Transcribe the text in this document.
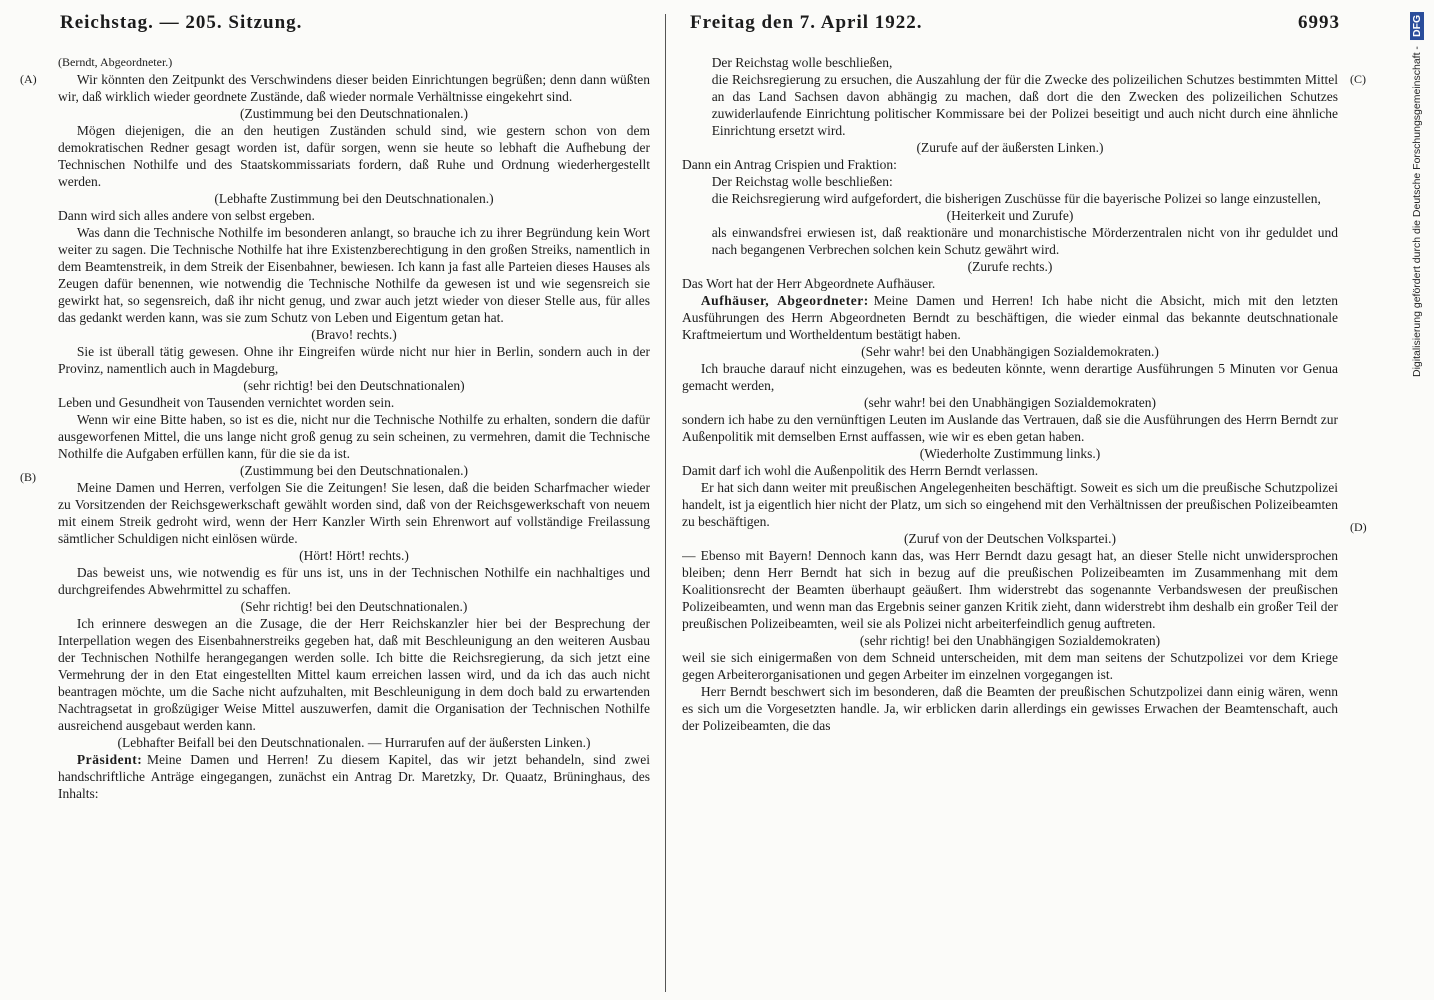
Reichstag. — 205. Sitzung.	Freitag den 7. April 1922.	6993
(A)
(B)
(C)
(D)

(Berndt, Abgeordneter.)

Wir könnten den Zeitpunkt des Verschwindens dieser beiden Einrichtungen begrüßen; denn dann wüßten wir, daß wirklich wieder geordnete Zustände, daß wieder normale Verhältnisse eingekehrt sind.

(Zustimmung bei den Deutschnationalen.)

Mögen diejenigen, die an den heutigen Zuständen schuld sind, wie gestern schon von dem demokratischen Redner gesagt worden ist, dafür sorgen, wenn sie heute so lebhaft die Aufhebung der Technischen Nothilfe und des Staatskommissariats fordern, daß Ruhe und Ordnung wiederhergestellt werden.

(Lebhafte Zustimmung bei den Deutschnationalen.)

Dann wird sich alles andere von selbst ergeben.

Was dann die Technische Nothilfe im besonderen anlangt, so brauche ich zu ihrer Begründung kein Wort weiter zu sagen. Die Technische Nothilfe hat ihre Existenzberechtigung in den großen Streiks, namentlich in dem Beamtenstreik, in dem Streik der Eisenbahner, bewiesen. Ich kann ja fast alle Parteien dieses Hauses als Zeugen dafür benennen, wie notwendig die Technische Nothilfe da gewesen ist und wie segensreich sie gewirkt hat, so segensreich, daß ihr nicht genug, und zwar auch jetzt wieder von dieser Stelle aus, für alles das gedankt werden kann, was sie zum Schutz von Leben und Eigentum getan hat.

(Bravo! rechts.)

Sie ist überall tätig gewesen. Ohne ihr Eingreifen würde nicht nur hier in Berlin, sondern auch in der Provinz, namentlich auch in Magdeburg,

(sehr richtig! bei den Deutschnationalen)

Leben und Gesundheit von Tausenden vernichtet worden sein.

Wenn wir eine Bitte haben, so ist es die, nicht nur die Technische Nothilfe zu erhalten, sondern die dafür ausgeworfenen Mittel, die uns lange nicht groß genug zu sein scheinen, zu vermehren, damit die Technische Nothilfe die Aufgaben erfüllen kann, für die sie da ist.

(Zustimmung bei den Deutschnationalen.)

Meine Damen und Herren, verfolgen Sie die Zeitungen! Sie lesen, daß die beiden Scharfmacher wieder zu Vorsitzenden der Reichsgewerkschaft gewählt worden sind, daß von der Reichsgewerkschaft von neuem mit einem Streik gedroht wird, wenn der Herr Kanzler Wirth sein Ehrenwort auf vollständige Freilassung sämtlicher Schuldigen nicht einlösen würde.

(Hört! Hört! rechts.)

Das beweist uns, wie notwendig es für uns ist, uns in der Technischen Nothilfe ein nachhaltiges und durchgreifendes Abwehrmittel zu schaffen.

(Sehr richtig! bei den Deutschnationalen.)

Ich erinnere deswegen an die Zusage, die der Herr Reichskanzler hier bei der Besprechung der Interpellation wegen des Eisenbahnerstreiks gegeben hat, daß mit Beschleunigung an den weiteren Ausbau der Technischen Nothilfe herangegangen werden solle. Ich bitte die Reichsregierung, da sich jetzt eine Vermehrung der in den Etat eingestellten Mittel kaum erreichen lassen wird, und da ich das auch nicht beantragen möchte, um die Sache nicht aufzuhalten, mit Beschleunigung in dem doch bald zu erwartenden Nachtragsetat in großzügiger Weise Mittel auszuwerfen, damit die Organisation der Technischen Nothilfe ausreichend ausgebaut werden kann.

(Lebhafter Beifall bei den Deutschnationalen. — Hurrarufen auf der äußersten Linken.)

Präsident: Meine Damen und Herren! Zu diesem Kapitel, das wir jetzt behandeln, sind zwei handschriftliche Anträge eingegangen, zunächst ein Antrag Dr. Maretzky, Dr. Quaatz, Brüninghaus, des Inhalts:

Der Reichstag wolle beschließen,

die Reichsregierung zu ersuchen, die Auszahlung der für die Zwecke des polizeilichen Schutzes bestimmten Mittel an das Land Sachsen davon abhängig zu machen, daß dort die den Zwecken des polizeilichen Schutzes zuwiderlaufende Einrichtung politischer Kommissare bei der Polizei beseitigt und auch nicht durch eine ähnliche Einrichtung ersetzt wird.

(Zurufe auf der äußersten Linken.)

Dann ein Antrag Crispien und Fraktion:

Der Reichstag wolle beschließen:

die Reichsregierung wird aufgefordert, die bisherigen Zuschüsse für die bayerische Polizei so lange einzustellen,

(Heiterkeit und Zurufe)

als einwandsfrei erwiesen ist, daß reaktionäre und monarchistische Mörderzentralen nicht von ihr geduldet und nach begangenen Verbrechen solchen kein Schutz gewährt wird.

(Zurufe rechts.)

Das Wort hat der Herr Abgeordnete Aufhäuser.

Aufhäuser, Abgeordneter: Meine Damen und Herren! Ich habe nicht die Absicht, mich mit den letzten Ausführungen des Herrn Abgeordneten Berndt zu beschäftigen, die wieder einmal das bekannte deutschnationale Kraftmeiertum und Wortheldentum bestätigt haben.

(Sehr wahr! bei den Unabhängigen Sozialdemokraten.)

Ich brauche darauf nicht einzugehen, was es bedeuten könnte, wenn derartige Ausführungen 5 Minuten vor Genua gemacht werden,

(sehr wahr! bei den Unabhängigen Sozialdemokraten)

sondern ich habe zu den vernünftigen Leuten im Auslande das Vertrauen, daß sie die Ausführungen des Herrn Berndt zur Außenpolitik mit demselben Ernst auffassen, wie wir es eben getan haben.

(Wiederholte Zustimmung links.)

Damit darf ich wohl die Außenpolitik des Herrn Berndt verlassen.

Er hat sich dann weiter mit preußischen Angelegenheiten beschäftigt. Soweit es sich um die preußische Schutzpolizei handelt, ist ja eigentlich hier nicht der Platz, um sich so eingehend mit den Verhältnissen der preußischen Polizeibeamten zu beschäftigen.

(Zuruf von der Deutschen Volkspartei.)

— Ebenso mit Bayern! Dennoch kann das, was Herr Berndt dazu gesagt hat, an dieser Stelle nicht unwidersprochen bleiben; denn Herr Berndt hat sich in bezug auf die preußischen Polizeibeamten im Zusammenhang mit dem Koalitionsrecht der Beamten überhaupt geäußert. Ihm widerstrebt das sogenannte Verbandswesen der preußischen Polizeibeamten, und wenn man das Ergebnis seiner ganzen Kritik zieht, dann widerstrebt ihm deshalb ein großer Teil der preußischen Polizeibeamten, weil sie als Polizei nicht arbeiterfeindlich genug auftreten.

(sehr richtig! bei den Unabhängigen Sozialdemokraten)

weil sie sich einigermaßen von dem Schneid unterscheiden, mit dem man seitens der Schutzpolizei vor dem Kriege gegen Arbeiterorganisationen und gegen Arbeiter im einzelnen vorgegangen ist.

Herr Berndt beschwert sich im besonderen, daß die Beamten der preußischen Schutzpolizei dann einig wären, wenn es sich um die Vorgesetzten handle. Ja, wir erblicken darin allerdings ein gewisses Erwachen der Beamtenschaft, auch der Polizeibeamten, die das

Digitalisierung gefördert durch die Deutsche Forschungsgemeinschaft - DFG
